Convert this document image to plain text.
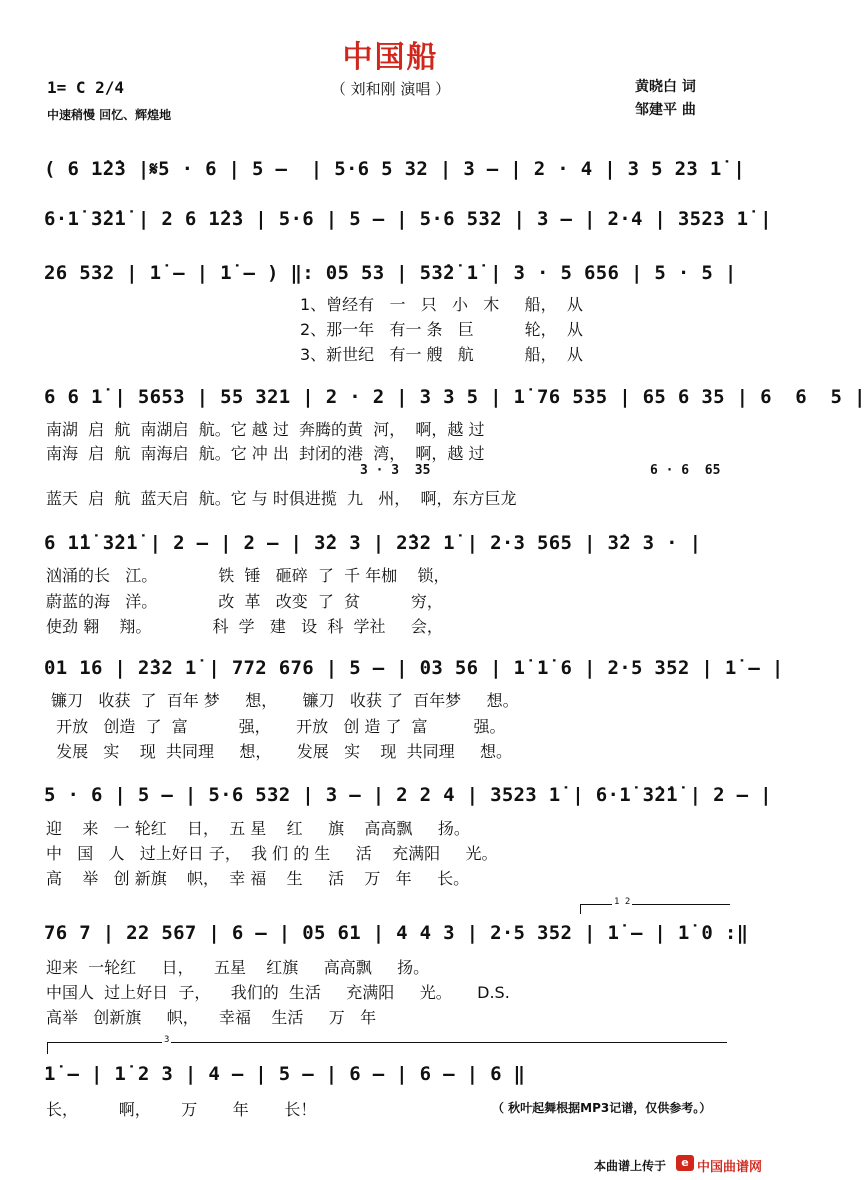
中国船
（ 刘和刚 演唱 ）
1= C 2/4
中速稍慢 回忆、辉煌地
黄晓白 词
邹建平 曲
( 6 1̇2̇3 |𝄋5 · 6 | 5 –  | 5·6 5 32 | 3 – | 2 · 4 | 3 5 23 1̇ |
6·1̇ 3̇2̇1̇ | 2 6 1̇2̇3 | 5·6 | 5 – | 5·6 532 | 3 – | 2·4 | 3523 1̇ |
26 532 | 1̇ – | 1̇ – ) ‖: 05 53 | 53̇2̇ 1̇ | 3 · 5 656 | 5 · 5 |
1、曾经有   一   只   小   木     船，  从
2、那一年   有一 条   巨          轮，  从
3、新世纪   有一 艘   航          船，  从
6 6 1̇ | 5653 | 55 321 | 2 · 2 | 3 3 5 | 1̇ 76 535 | 65 6 35 | 6  6  5 |
南湖  启  航  南湖启  航。它 越 过  奔腾的黄  河，  啊，越 过
南海  启  航  南海启  航。它 冲 出  封闭的港  湾，  啊，越 过
3 · 3  35	6 · 6  65
蓝天  启  航  蓝天启  航。它 与 时俱进揽  九   州，  啊，东方巨龙
6 1̇1̇ 3̇2̇1̇ | 2 – | 2 – | 3̇2 3 | 2̇32 1̇ | 2·3 565 | 3̇2 3 · |
汹涌的长   江。            铁  锤   砸碎  了  千 年枷    锁，
蔚蓝的海   洋。            改  革   改变  了  贫          穷，
使劲 翱    翔。            科  学   建   设  科  学社     会，
01 16 | 2̇32 1̇ | 772 676 | 5 – | 03 56 | 1̇ 1̇ 6 | 2·5 352 | 1̇ – |
镰刀   收获  了  百年 梦     想，     镰刀   收获 了  百年梦     想。
开放   创造  了  富          强，     开放   创 造 了  富         强。
发展   实    现  共同理     想，     发展   实    现  共同理     想。
5 · 6 | 5 – | 5·6 532 | 3 – | 2 2 4 | 3523 1̇ | 6·1̇ 3̇2̇1̇ | 2 – |
迎    来   一 轮红    日，  五 星    红     旗    高高飘     扬。
中   国   人   过上好日 子，  我 们 的 生     活    充满阳     光。
高    举   创 新旗    帜，  幸 福    生     活    万   年     长。
1 2
76 7 | 22 567 | 6 – | 05 61 | 4 4 3 | 2·5 352 | 1̇ – | 1̇ 0 :‖
迎来  一轮红     日，    五星    红旗     高高飘     扬。
中国人  过上好日  子，    我们的  生活     充满阳     光。     D.S.
高举   创新旗     帜，    幸福    生活     万   年
3
1̇ – | 1̇ 2 3 | 4 – | 5 – | 6 – | 6 – | 6 ‖
长，        啊，      万       年       长！	（ 秋叶起舞根据MP3记谱，仅供参考。）
本曲谱上传于	e 中国曲谱网
